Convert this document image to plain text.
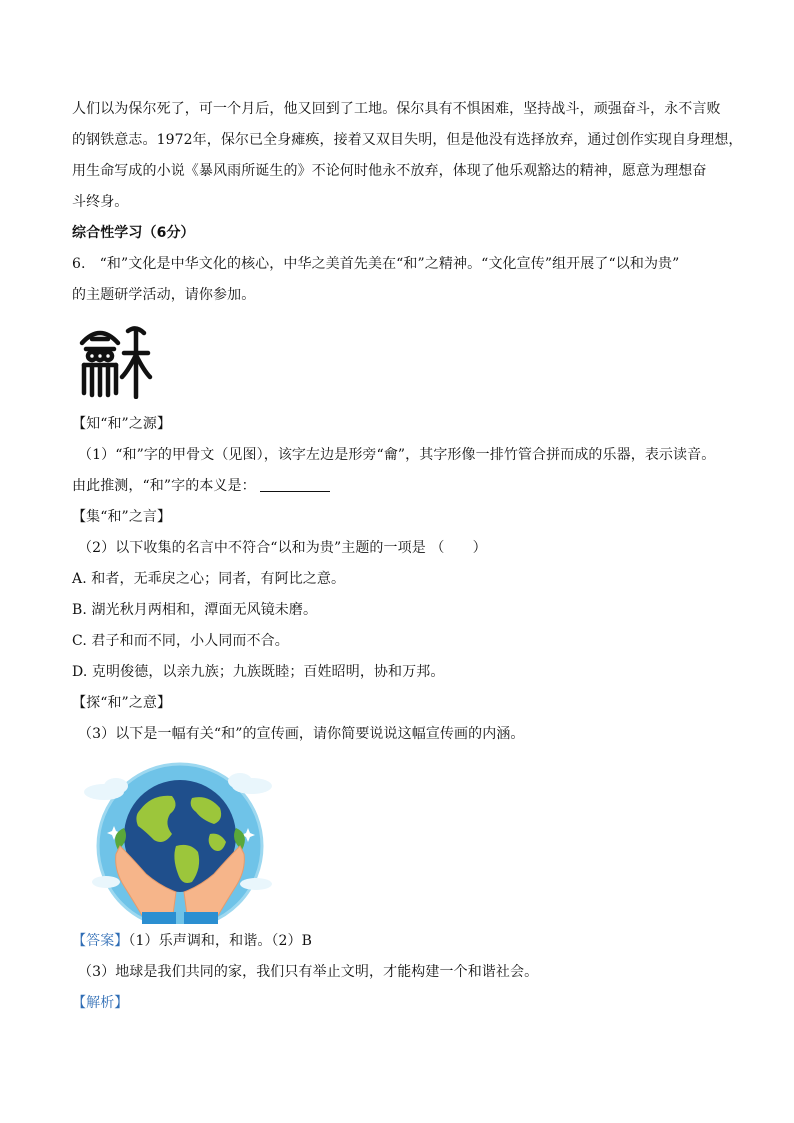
人们以为保尔死了，可一个月后，他又回到了工地。保尔具有不惧困难，坚持战斗，顽强奋斗，永不言败
的钢铁意志。1972年，保尔已全身瘫痪，接着又双目失明，但是他没有选择放弃，通过创作实现自身理想，
用生命写成的小说《暴风雨所诞生的》不论何时他永不放弃，体现了他乐观豁达的精神，愿意为理想奋
斗终身。
综合性学习（6分）
6.　“和”文化是中华文化的核心，中华之美首先美在“和”之精神。“文化宣传”组开展了“以和为贵”
的主题研学活动，请你参加。
【知“和”之源】
（1）“和”字的甲骨文（见图），该字左边是形旁“龠”，其字形像一排竹管合拼而成的乐器，表示读音。
由此推测，“和”字的本义是：
【集“和”之言】
（2）以下收集的名言中不符合“以和为贵”主题的一项是 （　　）
A. 和者，无乖戾之心；同者，有阿比之意。
B. 湖光秋月两相和，潭面无风镜未磨。
C. 君子和而不同，小人同而不合。
D. 克明俊德，以亲九族；九族既睦；百姓昭明，协和万邦。
【探“和”之意】
（3）以下是一幅有关“和”的宣传画，请你简要说说这幅宣传画的内涵。
【答案】（1）乐声调和，和谐。（2）B
（3）地球是我们共同的家，我们只有举止文明，才能构建一个和谐社会。
【解析】
